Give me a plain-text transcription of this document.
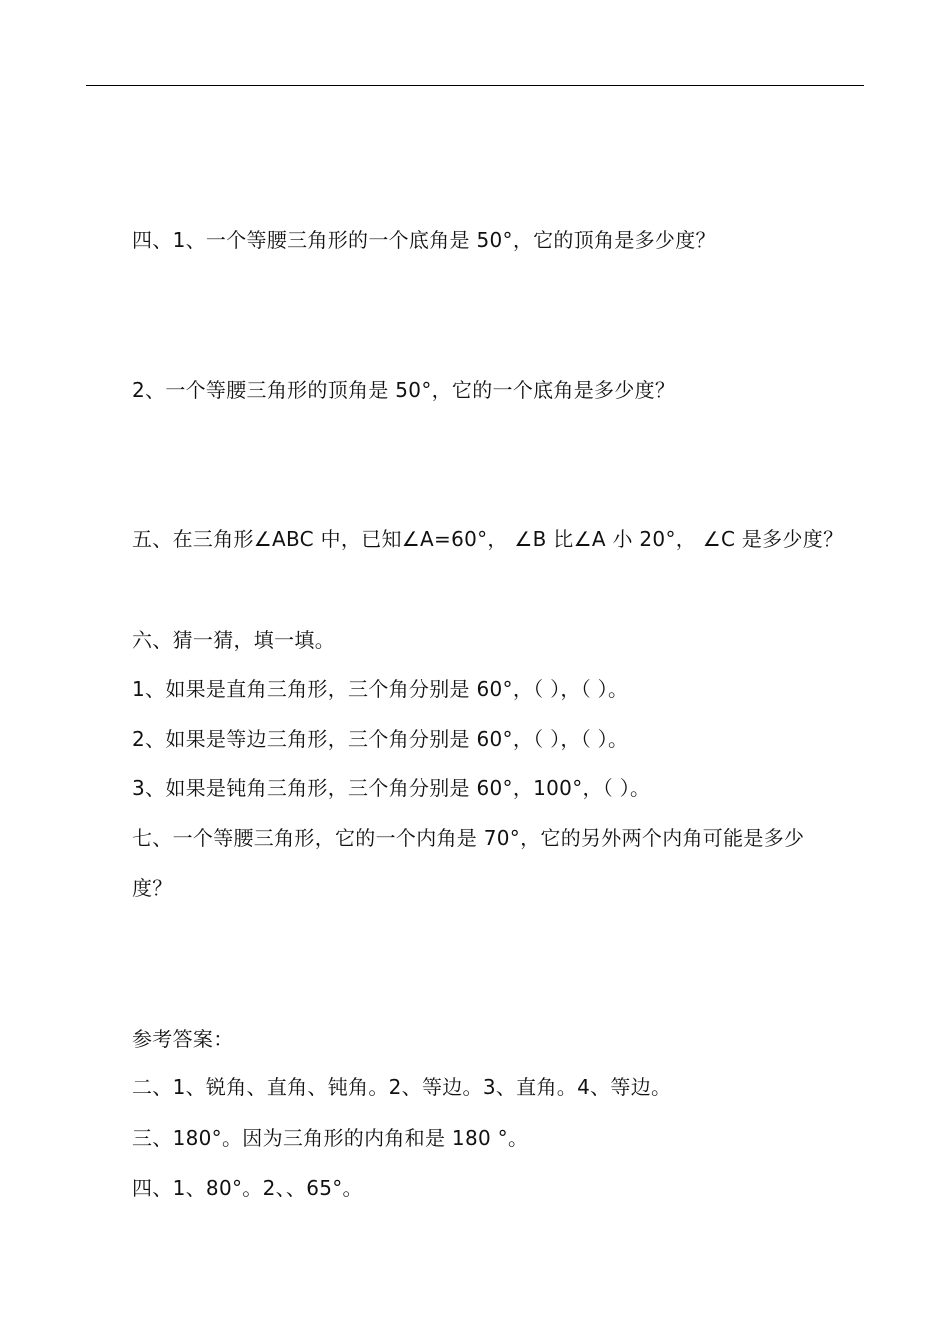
四、1、一个等腰三角形的一个底角是 50°，它的顶角是多少度？
2、一个等腰三角形的顶角是 50°，它的一个底角是多少度？
五、在三角形∠ABC 中，已知∠A=60°， ∠B 比∠A 小 20°， ∠C 是多少度？
六、猜一猜，填一填。
1、如果是直角三角形，三个角分别是 60°，（ ），（ ）。
2、如果是等边三角形，三个角分别是 60°，（ ），（ ）。
3、如果是钝角三角形，三个角分别是 60°，100°，（ ）。
七、一个等腰三角形，它的一个内角是 70°，它的另外两个内角可能是多少
度？
参考答案：
二、1、锐角、直角、钝角。2、等边。3、直角。4、等边。
三、180°。因为三角形的内角和是 180 °。
四、1、80°。2、、65°。
